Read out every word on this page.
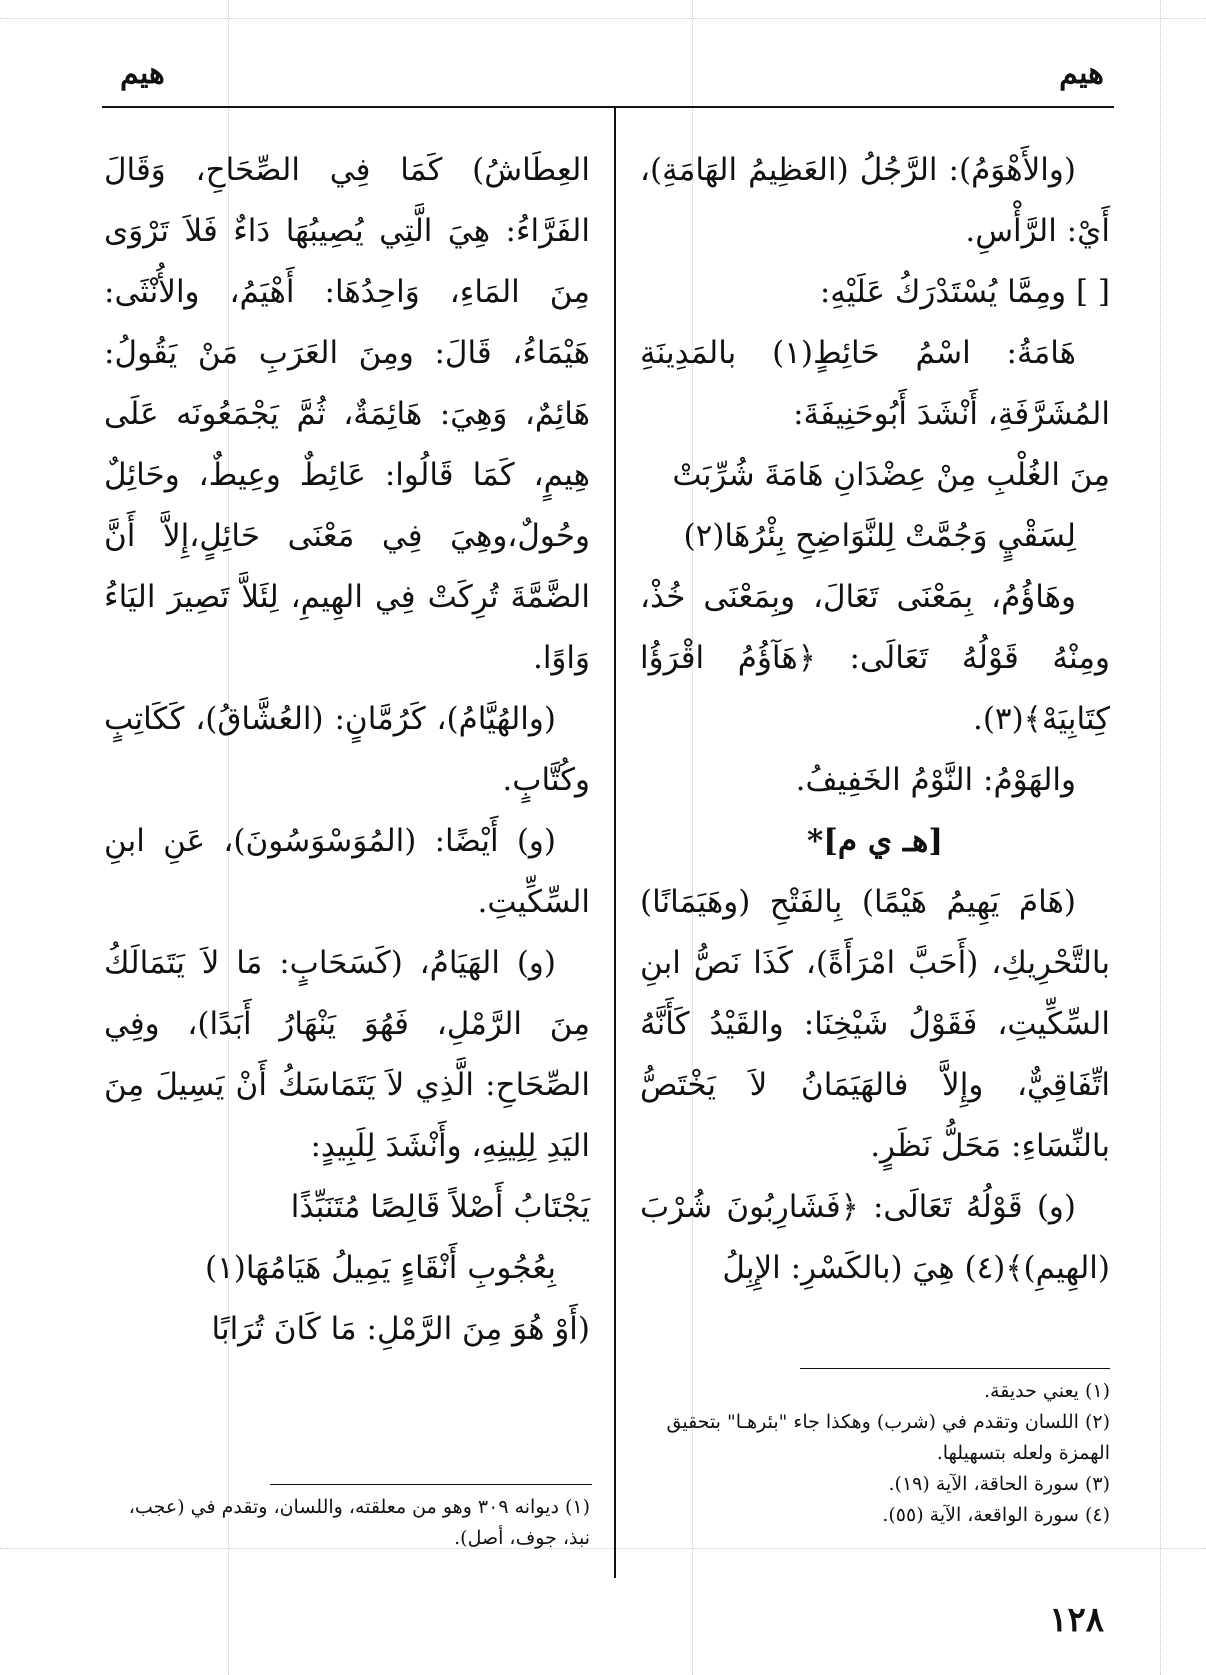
هيم	هيم

(والأَهْوَمُ): الرَّجُلُ (العَظِيمُ الهَامَةِ)، أَيْ: الرَّأْسِ.

[ ] ومِمَّا يُسْتَدْرَكُ عَلَيْهِ:

هَامَةُ: اسْمُ حَائِطٍ(١) بالمَدِينَةِ المُشَرَّفَةِ، أَنْشَدَ أَبُوحَنِيفَةَ:

مِنَ الغُلْبِ مِنْ عِضْدَانِ هَامَةَ شُرِّبَتْ

لِسَقْيٍ وَجُمَّتْ لِلنَّوَاضِحِ بِئْرُهَا(٢)

وهَاؤُمُ، بِمَعْنَى تَعَالَ، وبِمَعْنَى خُذْ، ومِنْهُ قَوْلُهُ تَعَالَى: ﴿هَآؤُمُ اقْرَؤُا كِتَابِيَهْ﴾(٣).

والهَوْمُ: النَّوْمُ الخَفِيفُ.

[هـ ي م]*

(هَامَ يَهِيمُ هَيْمًا) بِالفَتْحِ (وهَيَمَانًا) بالتَّحْرِيكِ، (أَحَبَّ امْرَأَةً)، كَذَا نَصُّ ابنِ السِّكِّيتِ، فَقَوْلُ شَيْخِنَا: والقَيْدُ كَأَنَّهُ اتِّفَاقِيٌّ، وإِلاَّ فالهَيَمَانُ لاَ يَخْتَصُّ بالنِّسَاءِ: مَحَلُّ نَظَرٍ.

(و) قَوْلُهُ تَعَالَى: ﴿فَشَارِبُونَ شُرْبَ (الهِيمِ)﴾(٤) هِيَ (بالكَسْرِ: الإِبِلُ

العِطَاشُ) كَمَا فِي الصِّحَاحِ، وَقَالَ الفَرَّاءُ: هِيَ الَّتِي يُصِيبُهَا دَاءٌ فَلاَ تَرْوَى مِنَ المَاءِ، وَاحِدُهَا: أَهْيَمُ، والأُنْثَى: هَيْمَاءُ، قَالَ: ومِنَ العَرَبِ مَنْ يَقُولُ: هَائِمٌ، وَهِيَ: هَائِمَةٌ، ثُمَّ يَجْمَعُونَه عَلَى هِيمٍ، كَمَا قَالُوا: عَائِطٌ وعِيطٌ، وحَائِلٌ وحُولٌ،وهِيَ فِي مَعْنَى حَائِلٍ،إِلاَّ أَنَّ الضَّمَّةَ تُرِكَتْ فِي الهِيمِ، لِئَلاَّ تَصِيرَ اليَاءُ وَاوًا.

(والهُيَّامُ)، كَرُمَّانٍ: (العُشَّاقُ)، كَكَاتِبٍ وكُتَّابٍ.

(و) أَيْضًا: (المُوَسْوَسُونَ)، عَنِ ابنِ السِّكِّيتِ.

(و) الهَيَامُ، (كَسَحَابٍ: مَا لاَ يَتَمَالَكُ مِنَ الرَّمْلِ، فَهُوَ يَنْهَارُ أَبَدًا)، وفِي الصِّحَاحِ: الَّذِي لاَ يَتَمَاسَكُ أَنْ يَسِيلَ مِنَ اليَدِ لِلِينِهِ، وأَنْشَدَ لِلَبِيدٍ:

يَجْتَابُ أَصْلاً قَالِصًا مُتَنَبِّذًا

بِعُجُوبِ أَنْقَاءٍ يَمِيلُ هَيَامُهَا(١)

(أَوْ هُوَ مِنَ الرَّمْلِ: مَا كَانَ تُرَابًا

(١) يعني حديقة.

(٢) اللسان وتقدم في (شرب) وهكذا جاء "بئرهـا" بتحقيق الهمزة ولعله بتسهيلها.

(٣) سورة الحاقة، الآية (١٩).

(٤) سورة الواقعة، الآية (٥٥).

(١) ديوانه ٣٠٩ وهو من معلقته، واللسان، وتقدم في (عجب، نبذ، جوف، أصل).

١٢٨
